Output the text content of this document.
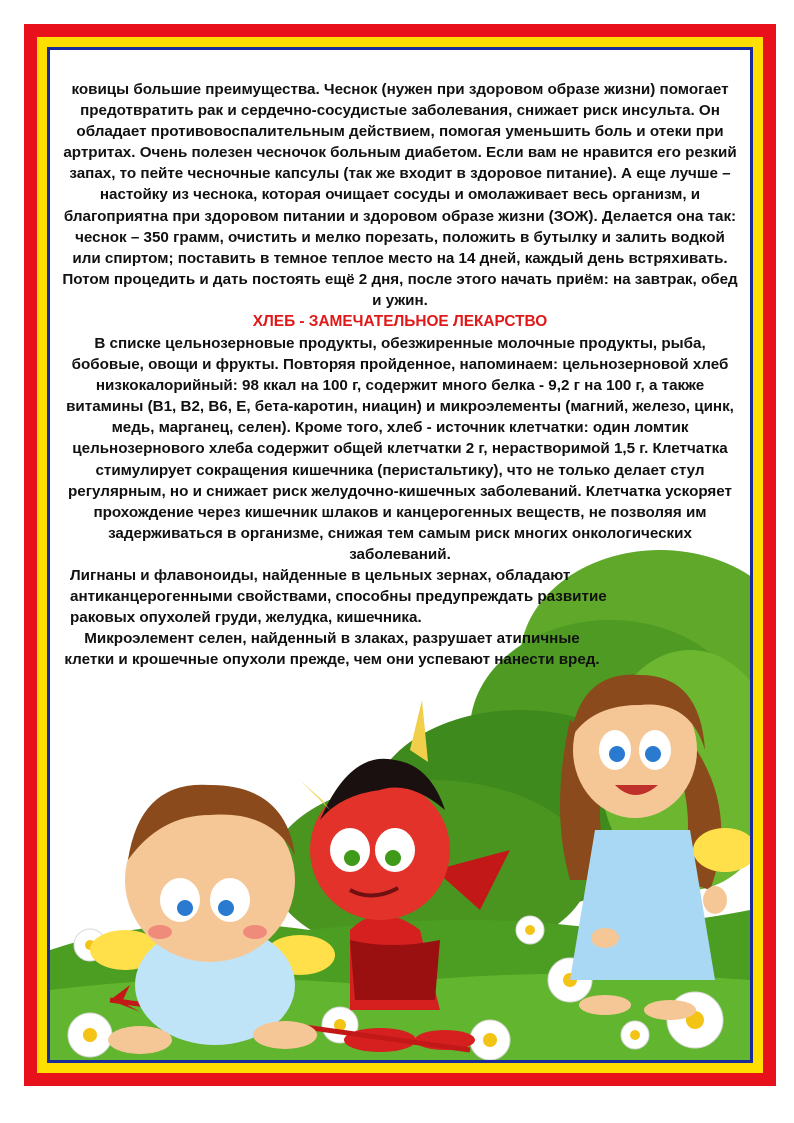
ковицы большие преимущества. Чеснок (нужен при здоровом образе жизни) помогает предотвратить рак и сердечно-сосудистые заболевания, снижает риск инсульта. Он обладает противовоспалительным действием, помогая уменьшить боль и отеки при артритах. Очень полезен чесночок больным диабетом. Если вам не нравится его резкий запах, то пейте чесночные капсулы (так же входит в здоровое питание). А еще лучше – настойку из чеснока, которая очищает сосуды и омолаживает весь организм, и благоприятна при здоровом питании и здоровом образе жизни (ЗОЖ). Делается она так: чеснок – 350 грамм, очистить и мелко порезать, положить в бутылку и залить водкой или спиртом; поставить в темное теплое место на 14 дней, каждый день встряхивать. Потом процедить и дать постоять ещё 2 дня, после этого начать приём: на завтрак, обед и ужин.

ХЛЕБ - ЗАМЕЧАТЕЛЬНОЕ ЛЕКАРСТВО

В списке цельнозерновые продукты, обезжиренные молочные продукты, рыба, бобовые, овощи и фрукты. Повторяя пройденное, напоминаем: цельнозерновой хлеб низкокалорийный: 98 ккал на 100 г, содержит много белка - 9,2 г на 100 г, а также витамины (В1, В2, В6, Е, бета-каротин, ниацин) и микроэлементы (магний, железо, цинк, медь, марганец, селен). Кроме того, хлеб - источник клетчатки: один ломтик цельнозернового хлеба содержит общей клетчатки 2 г, нерастворимой 1,5 г. Клетчатка стимулирует сокращения кишечника (перистальтику), что не только делает стул регулярным, но и снижает риск желудочно-кишечных заболеваний. Клетчатка ускоряет прохождение через кишечник шлаков и канцерогенных веществ, не позволяя им задерживаться в организме, снижая тем самым риск многих онкологических заболеваний.

Лигнаны и флавоноиды, найденные в цельных зернах, обладают антиканцерогенными свойствами, способны предупреждать развитие раковых опухолей груди, желудка, кишечника.

Микроэлемент селен, найденный в злаках, разрушает атипичные клетки и крошечные опухоли прежде, чем они успевают нанести вред.
